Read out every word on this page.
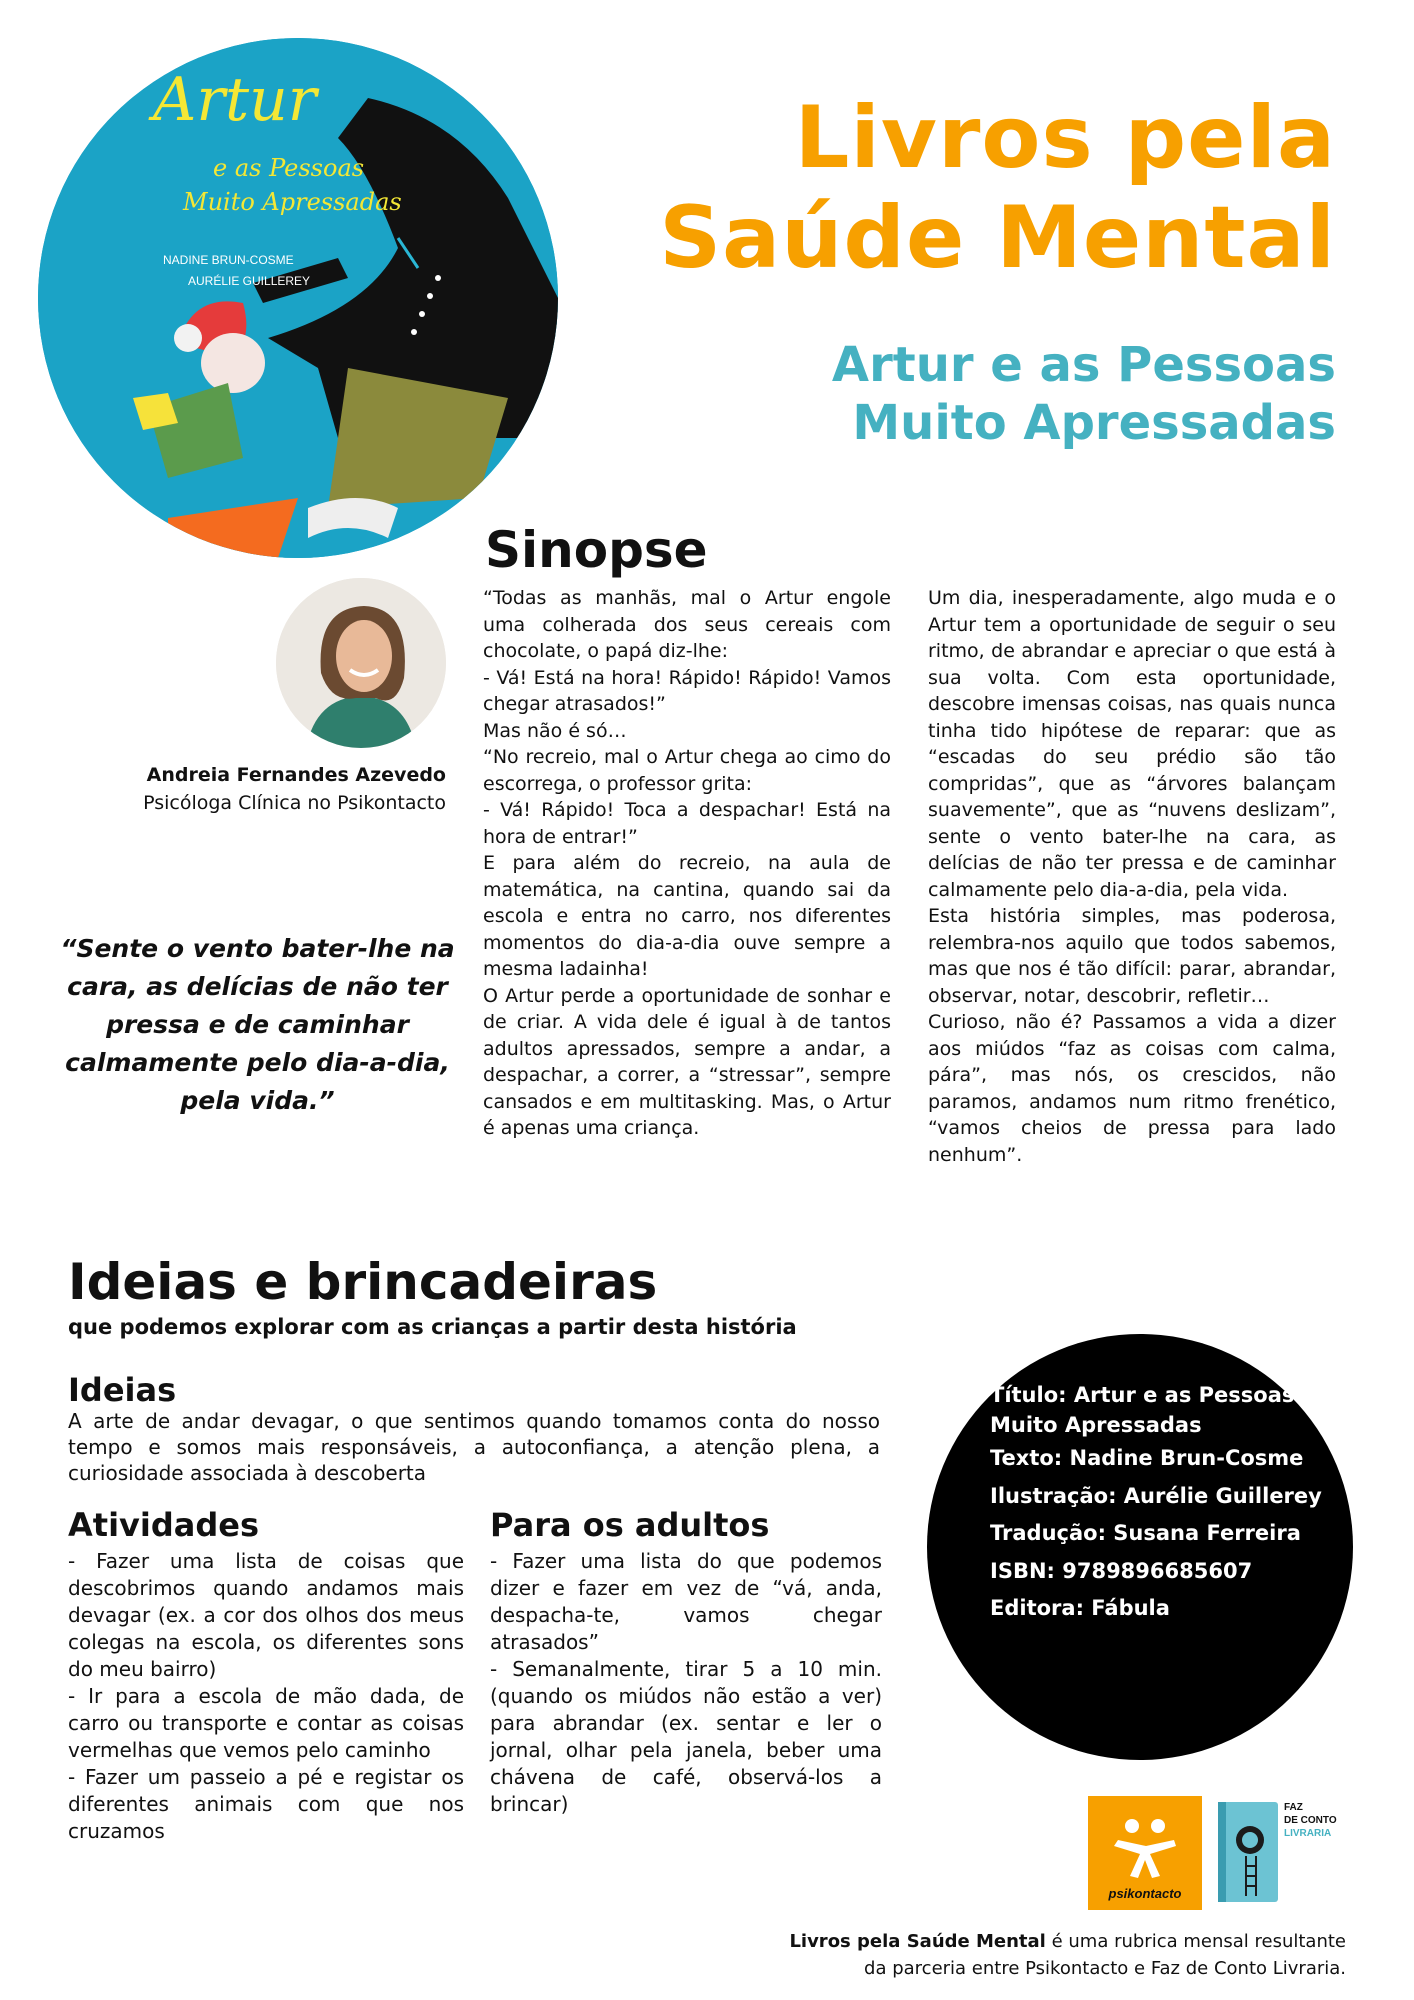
Artur
e as Pessoas
Muito Apressadas
NADINE BRUN-COSME
AURÉLIE GUILLEREY
Livros pela
Saúde Mental
Artur e as Pessoas
Muito Apressadas
Sinopse
“Todas as manhãs, mal o Artur engole uma colherada dos seus cereais com chocolate, o papá diz-lhe:
- Vá! Está na hora! Rápido! Rápido! Vamos chegar atrasados!”
Mas não é só…
“No recreio, mal o Artur chega ao cimo do escorrega, o professor grita:
- Vá! Rápido! Toca a despachar! Está na hora de entrar!”
E para além do recreio, na aula de matemática, na cantina, quando sai da escola e entra no carro, nos diferentes momentos do dia-a-dia ouve sempre a mesma ladainha!
O Artur perde a oportunidade de sonhar e de criar. A vida dele é igual à de tantos adultos apressados, sempre a andar, a despachar, a correr, a “stressar”, sempre cansados e em multitasking. Mas, o Artur é apenas uma criança.
Um dia, inesperadamente, algo muda e o Artur tem a oportunidade de seguir o seu ritmo, de abrandar e apreciar o que está à sua volta. Com esta oportunidade, descobre imensas coisas, nas quais nunca tinha tido hipótese de reparar: que as “escadas do seu prédio são tão compridas”, que as “árvores balançam suavemente”, que as “nuvens deslizam”, sente o vento bater-lhe na cara, as delícias de não ter pressa e de caminhar calmamente pelo dia-a-dia, pela vida.
Esta história simples, mas poderosa, relembra-nos aquilo que todos sabemos, mas que nos é tão difícil: parar, abrandar, observar, notar, descobrir, refletir…
Curioso, não é? Passamos a vida a dizer aos miúdos “faz as coisas com calma, pára”, mas nós, os crescidos, não paramos, andamos num ritmo frenético, “vamos cheios de pressa para lado nenhum”.
Andreia Fernandes Azevedo
Psicóloga Clínica no Psikontacto
“Sente o vento bater-lhe na cara, as delícias de não ter pressa e de caminhar calmamente pelo dia-a-dia, pela vida.”
Ideias e brincadeiras
que podemos explorar com as crianças a partir desta história
Ideias
A arte de andar devagar, o que sentimos quando tomamos conta do nosso tempo e somos mais responsáveis, a autoconfiança, a atenção plena, a curiosidade associada à descoberta
Atividades
- Fazer uma lista de coisas que descobrimos quando andamos mais devagar (ex. a cor dos olhos dos meus colegas na escola, os diferentes sons do meu bairro)
- Ir para a escola de mão dada, de carro ou transporte e contar as coisas vermelhas que vemos pelo caminho
- Fazer um passeio a pé e registar os diferentes animais com que nos cruzamos
Para os adultos
- Fazer uma lista do que podemos dizer e fazer em vez de “vá, anda, despacha-te, vamos chegar atrasados”
- Semanalmente, tirar 5 a 10 min. (quando os miúdos não estão a ver) para abrandar (ex. sentar e ler o jornal, olhar pela janela, beber uma chávena de café, observá-los a brincar)
Título: Artur e as Pessoas Muito Apressadas
Texto: Nadine Brun-Cosme
Ilustração: Aurélie Guillerey
Tradução: Susana Ferreira
ISBN: 9789896685607
Editora: Fábula
psikontacto
FAZ
DE CONTO
LIVRARIA
Livros pela Saúde Mental é uma rubrica mensal resultante
da parceria entre Psikontacto e Faz de Conto Livraria.
